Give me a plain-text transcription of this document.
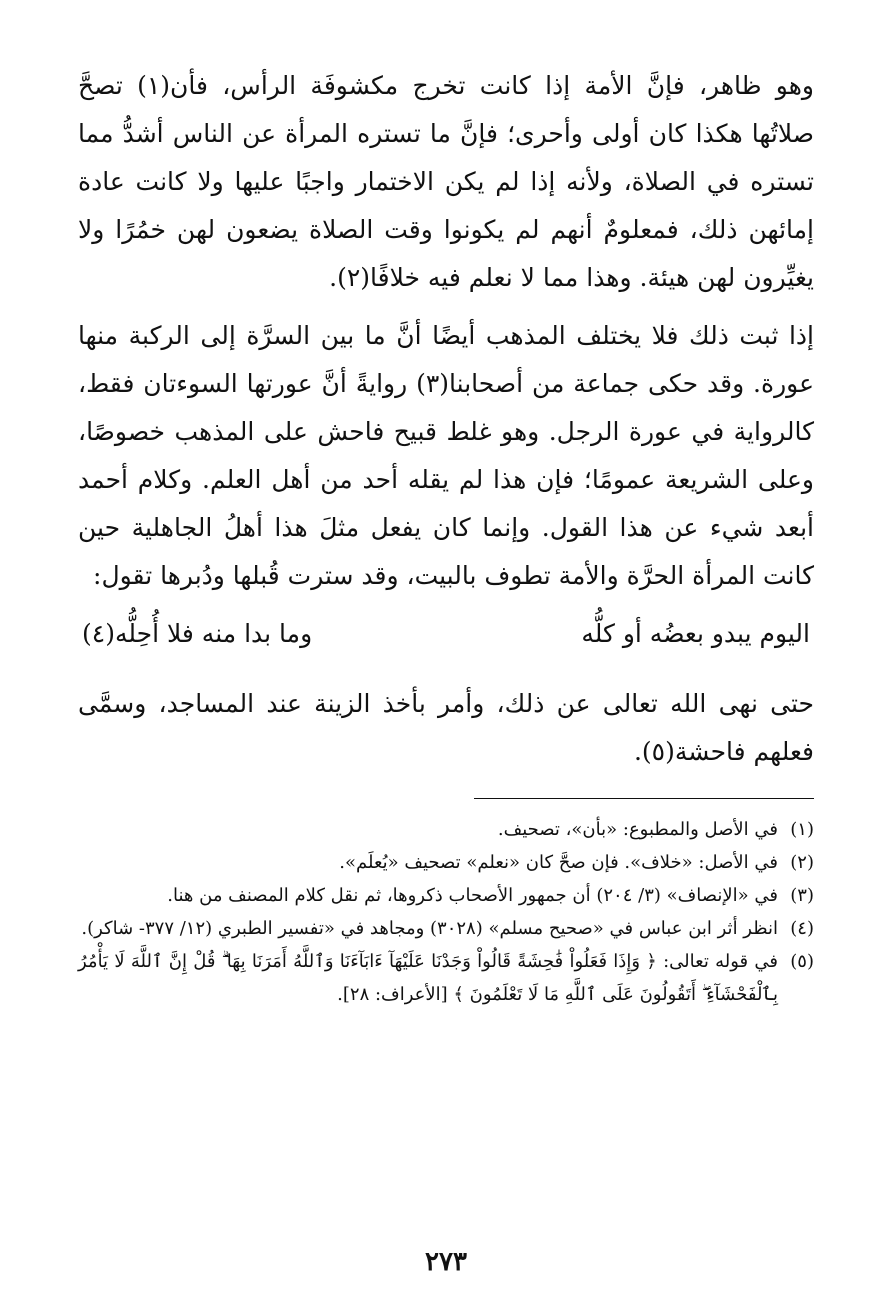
وهو ظاهر، فإنَّ الأمة إذا كانت تخرج مكشوفَة الرأس، فأن(١) تصحَّ صلاتُها هكذا كان أولى وأحرى؛ فإنَّ ما تستره المرأة عن الناس أشدُّ مما تستره في الصلاة، ولأنه إذا لم يكن الاختمار واجبًا عليها ولا كانت عادة إمائهن ذلك، فمعلومٌ أنهم لم يكونوا وقت الصلاة يضعون لهن خمُرًا ولا يغيِّرون لهن هيئة. وهذا مما لا نعلم فيه خلافًا(٢).

إذا ثبت ذلك فلا يختلف المذهب أيضًا أنَّ ما بين السرَّة إلى الركبة منها عورة. وقد حكى جماعة من أصحابنا(٣) روايةً أنَّ عورتها السوءتان فقط، كالرواية في عورة الرجل. وهو غلط قبيح فاحش على المذهب خصوصًا، وعلى الشريعة عمومًا؛ فإن هذا لم يقله أحد من أهل العلم. وكلام أحمد أبعد شيء عن هذا القول. وإنما كان يفعل مثلَ هذا أهلُ الجاهلية حين كانت المرأة الحرَّة والأمة تطوف بالبيت، وقد سترت قُبلها ودُبرها تقول:

اليوم يبدو بعضُه أو كلُّه
وما بدا منه فلا أُحِلُّه(٤)

حتى نهى الله تعالى عن ذلك، وأمر بأخذ الزينة عند المساجد، وسمَّى فعلهم فاحشة(٥).

(١)
في الأصل والمطبوع: «بأن»، تصحيف.
(٢)
في الأصل: «خلاف». فإن صحَّ كان «نعلم» تصحيف «يُعلَم».
(٣)
في «الإنصاف» (٣/ ٢٠٤) أن جمهور الأصحاب ذكروها، ثم نقل كلام المصنف من هنا.
(٤)
انظر أثر ابن عباس في «صحيح مسلم» (٣٠٢٨) ومجاهد في «تفسير الطبري (١٢/ ٣٧٧- شاكر).
(٥)
في قوله تعالى: ﴿ وَإِذَا فَعَلُواْ فَٰحِشَةً قَالُواْ وَجَدْنَا عَلَيْهَآ ءَابَآءَنَا وَٱللَّهُ أَمَرَنَا بِهَا ۗ قُلْ إِنَّ ٱللَّهَ لَا يَأْمُرُ بِٱلْفَحْشَآءِ ۖ أَتَقُولُونَ عَلَى ٱللَّهِ مَا لَا تَعْلَمُونَ ﴾ [الأعراف: ٢٨].
٢٧٣
